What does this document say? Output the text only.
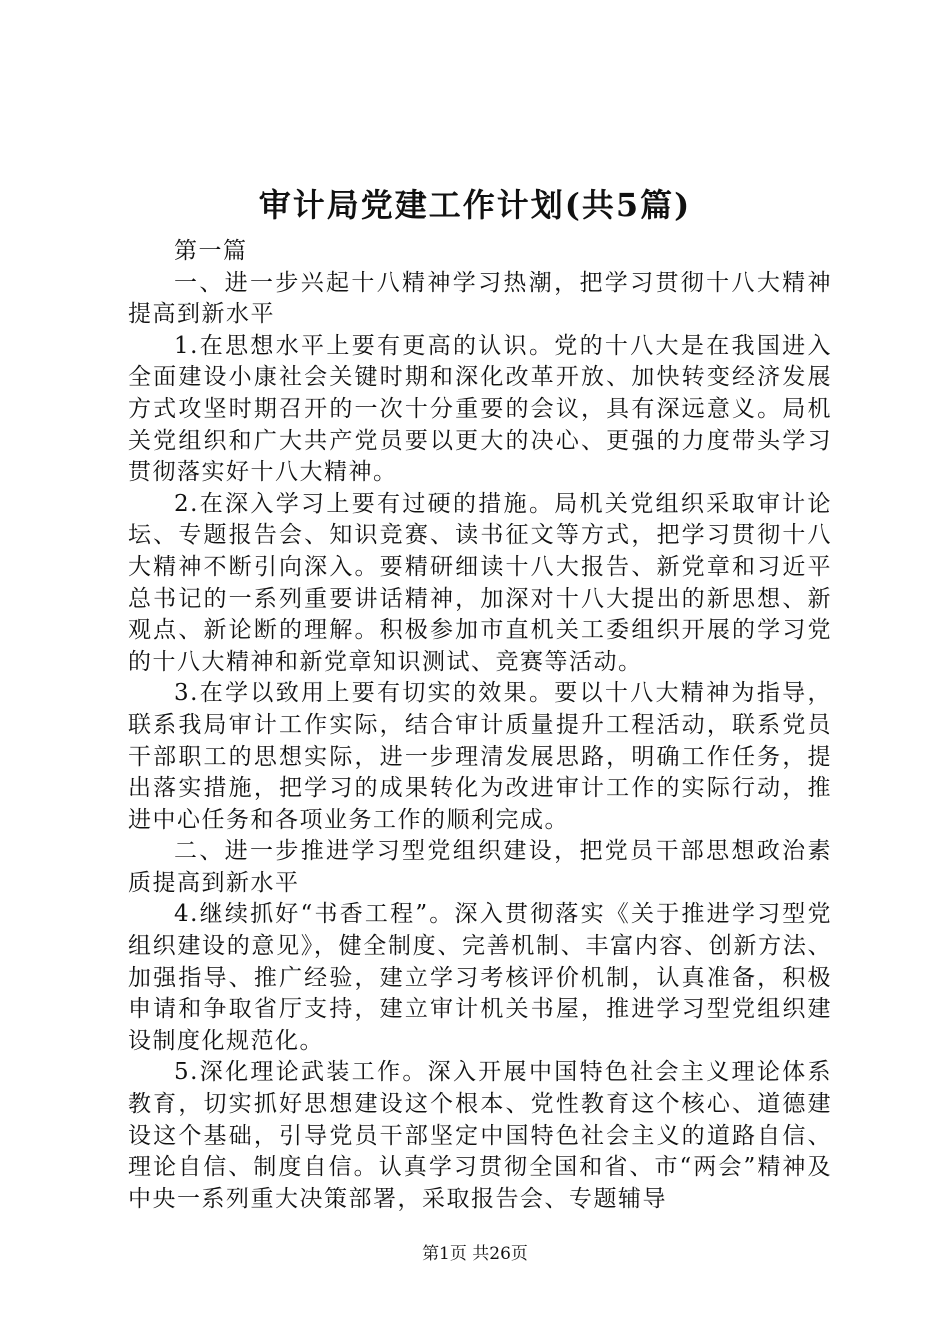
审计局党建工作计划(共5篇)

第一篇

一、进一步兴起十八精神学习热潮，把学习贯彻十八大精神提高到新水平

1.在思想水平上要有更高的认识。党的十八大是在我国进入全面建设小康社会关键时期和深化改革开放、加快转变经济发展方式攻坚时期召开的一次十分重要的会议，具有深远意义。局机关党组织和广大共产党员要以更大的决心、更强的力度带头学习贯彻落实好十八大精神。

2.在深入学习上要有过硬的措施。局机关党组织采取审计论坛、专题报告会、知识竞赛、读书征文等方式，把学习贯彻十八大精神不断引向深入。要精研细读十八大报告、新党章和习近平总书记的一系列重要讲话精神，加深对十八大提出的新思想、新观点、新论断的理解。积极参加市直机关工委组织开展的学习党的十八大精神和新党章知识测试、竞赛等活动。

3.在学以致用上要有切实的效果。要以十八大精神为指导，联系我局审计工作实际，结合审计质量提升工程活动，联系党员干部职工的思想实际，进一步理清发展思路，明确工作任务，提出落实措施，把学习的成果转化为改进审计工作的实际行动，推进中心任务和各项业务工作的顺利完成。

二、进一步推进学习型党组织建设，把党员干部思想政治素质提高到新水平

4.继续抓好“书香工程”。深入贯彻落实《关于推进学习型党组织建设的意见》，健全制度、完善机制、丰富内容、创新方法、加强指导、推广经验，建立学习考核评价机制，认真准备，积极申请和争取省厅支持，建立审计机关书屋，推进学习型党组织建设制度化规范化。

5.深化理论武装工作。深入开展中国特色社会主义理论体系教育，切实抓好思想建设这个根本、党性教育这个核心、道德建设这个基础，引导党员干部坚定中国特色社会主义的道路自信、理论自信、制度自信。认真学习贯彻全国和省、市“两会”精神及中央一系列重大决策部署，采取报告会、专题辅导

第1页 共26页
